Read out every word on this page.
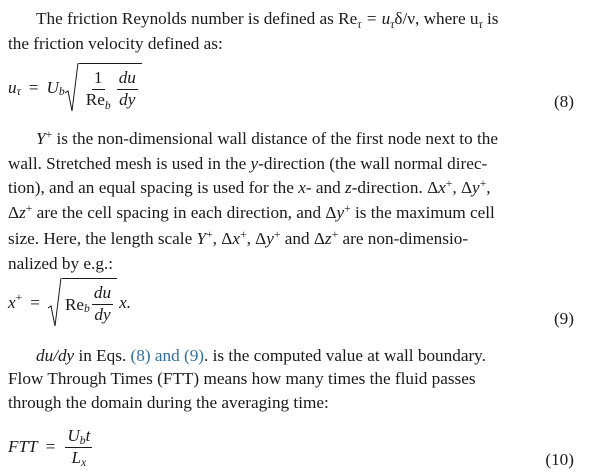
The friction Reynolds number is defined as $Re_\tau = u_\tau\delta/\nu$, where $u_\tau$ is
the friction velocity defined as:

u τ = U b $\frac{1}{Re_b} \frac{du}{dy}$	(8)

Y+ is the non-dimensional wall distance of the first node next to the
wall. Stretched mesh is used in the y-direction (the wall normal direc-
tion), and an equal spacing is used for the x- and z-direction. Δx+, Δy+,
Δz+ are the cell spacing in each direction, and Δy+ is the maximum cell
size. Here, the length scale Y+, Δx+, Δy+ and Δz+ are non-dimensio-
nalized by e.g.:

x + = Re b $\frac{du}{dy} x$.
(9)

du/dy in Eqs. (8) and (9). is the computed value at wall boundary.
Flow Through Times (FTT) means how many times the fluid passes
through the domain during the averaging time:

FTT = $\frac{U_bt}{L_x}$	(10)
